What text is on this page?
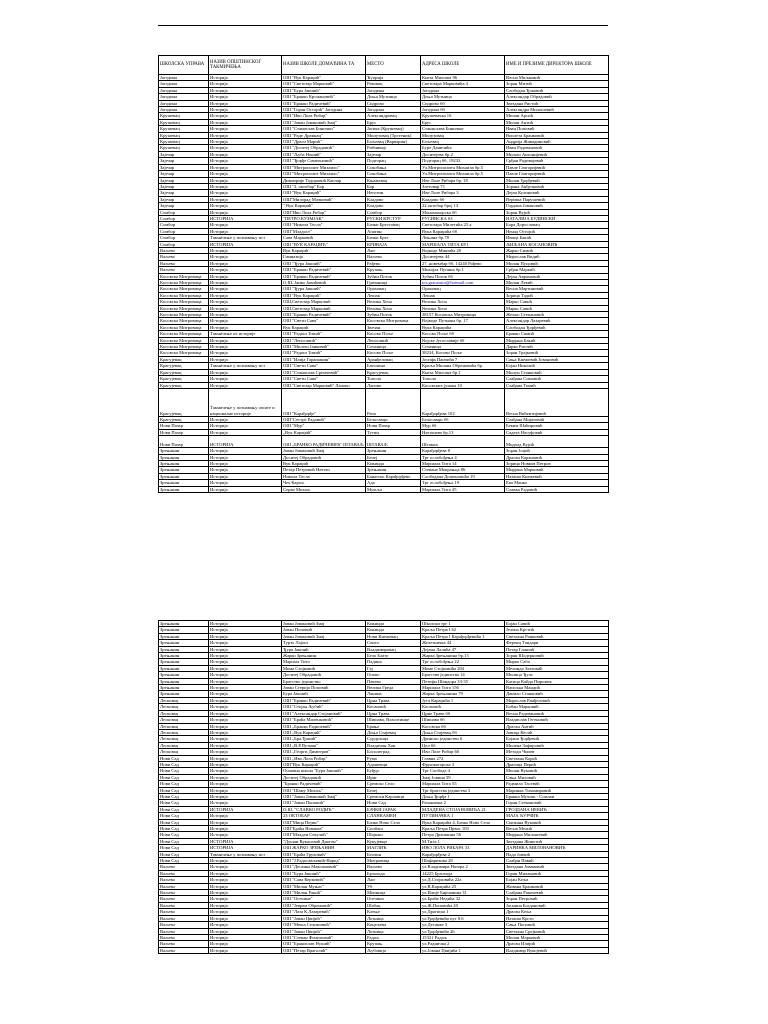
ШКОЛСКА УПРАВА	НАЗИВ ОПШТИНСКОГ ТАКМИЧЕЊА	НАЗИВ ШКОЛЕ ДОМАЋИНА ТА	МЕСТО	АДРЕСА ШКОЛЕ	ИМЕ И ПРЕЗИМЕ ДИРЕКТОРА ШКОЛЕ
Јагодина	Историја	ОШ "Вук Караџић"	Ћуприја	Кнеза Милоша 96	Весна Миљковић
Јагодина	Историја	ОШ "Светозар Марковић"	Рековац	Светозара Марковића 4	Зоран Митић
Јагодина	Историја	ОШ "Бура Јакшић"	Јагодина	Јагодина	Слободан Ђоковић
Јагодина	Историја	ОШ "Бранко Крсмановић"	Доња Мутница	Доња Мутница	Александар Обрадовић
Јагодина	Историја	ОШ "Бранко Радичевић"	Сидрово	Сидрово бб	Звездана Ристић
Јагодина	Историја	ОШ "Горан Остојић" Јагодина	Јагодина	Јагодина бб	Александра Милошевић
Крушевац	Историја	ОШ "Иво Лола Рибар"	Александровац	Крушевачка 16	Милан Арсић
Крушевац	Историја	ОШ "Јован Јовановић Змај"	Брус	Брус	Милан Антић
Крушевац	Историја	ОШ "Станислав Бинички"	Јасика (Крушевац)	Станислава Биничког	Иван Поповић
Крушевац	Историја	ОШ "Радe Драинац"	Милутовац (Трстеник)	Милутовац	Виолета Бранковић
Крушевац	Историја	ОШ "Драги Марић"	Бољевац (Варварин)	Бољевац	Андрија Живадиновић
Крушевац	Историја	ОШ "Доситеј Обрадовић"	Рибникар	Бурe Даничића	Иван Радовановић
Зајечар	Историја	ОШ "Љуба Нешић"	Зајечар	Доситејева бр.2	Милош Антонијевић
Зајечар	Историја	ОШ "Ђорђе Симеоновић"	Подгорац	Подгорац бб, 19233	Срђан Радивојевић
Зајечар	Историја	ОШ "Митрополит Михаило"	Сокобања	Ул.Митрополита Михаила бр.5	Павле Глигоријевић
Зајечар	Историја	ОШ "Митрополит Михаило"	Сокобања	Ул.Митрополита Михаила бр.5	Павле Глигоријевић
Зајечар	Историја	Димитрије Тодоровић Каплар	Књажевац	Иве Лоле Рибара бр. 18	Милан Ђорђевић
Зајечар	Историја	ОШ "3. октобар" Бор	Бор	Злетовар 71	Зоранa Анђелковић
Зајечар	Историја	ОШ "Вук Караџић"	Неготин	Иве Лоле Рибара 3	Дејан Кулиновић
Зајечар	Историја	ОШ"Милорад Мачковић"	Кладово	Кладово бб	Вериша Парушевић
Зајечар	Историја	" Вук Караџић"	Кладово	22.октобар број 13	Гордана Јовановић
Сомбор	Историја	ОШ"Иво Лола Рибар"	Сомбор	Мономахорска бб	Зоран Вујић
Сомбор	ИСТОРИЈА	"ПЕТРО КУЗМЈАК"	РУСКИ КРСТУР	РУСИНСКА 63	НАТАЛИЈА БУДИНСКИ
Сомбор	Историја	ОШ "Никола Тесла"	Бачки Брестовац	Светозара Милетића 25 а	Бора Дорословац
Сомбор	Историја	ОШ"Младост"	Апатин	Вука Караџића бб	Ненад Остојић
Сомбор	Такмичење у познавању ист	Сава Марковић	Бачки Брег	Лењина бр.78	Ивица Бакић
Сомбор	ИСТОРИЈА	ОШ "ВУК КАРАЏИЋ"	КРИВАЈА	МАРШАЛА ТИТА БР.1	ЉИЉАНА КОСАНОВИЋ
Ваљево	Историја	Вук Караџић	Љиг	Војводе Мишића 20	Жарко Симић
Ваљево	Историја	Гимназија	Ваљево	Доситејева 44	Мирослав Видић
Ваљево	Историја	ОШ "Ђура Јакшић"	Рађево	27. новембар бб, 14240 Рађево	Милан Пуцовић
Ваљево	Историја	ОШ "Бранко Радичевић"	Крупањ	Михајла Пупина бр.1	Срђан Маркић
Косовска Митровица	Историја	ОШ "Бранко Радичевић"	Зубин Поток	Зубин Поток бб	Дејан Аврамовић
Косовска Митровица	Историја	О.Ш. Јанко Јовићевић	Грачаница	ios.gracanica@hotmail.com	Милан Лекић
Косовска Митровица	Историја	ОШ "Ђура Јакшић"	Ораховац	Ораховац	Весна Мартиновић
Косовска Митровица	Историја	ОШ "Вук Караџић"	Лешак	Лешак	Зорица Тадић
Косовска Митровица	Историја	ОШ,Светозар Марковић	Велика Хоча	Велика Хоча	Марко Савић
Косовска Митровица	Историја	ОШ,Светозар Марковић	Велика Хоча	Велика Хоча	Марко Савић
Косовска Митровица	Историја	ОШ "Бранко Радичевић"	Зубин Поток	38157 Косовска Митровица	Жељко Степановић
Косовска Митровица	Историја	ОШ "Свети Сава"	Косовска Митровица	Војводе Путника бр. 17	Александар Лазаревић
Косовска Митровица	Историја	Вук Караџић	Звечан	Вука Караџића	Слободан Ђорђевић
Косовска Митровица	Такмичење из историје	ОШ "Радош Томић"	Косово Поље	Косово Поље бб	Бранко Симић
Косовска Митровица	Историја	ОШ "Лепосавић"	Лепосавић	Војске Југославије бб	Мирјана Бакић
Косовска Митровица	Историја	ОШ "Милош Јанковић"	Сочаница	Сочаница	Дарко Ристић
Косовска Митровица	Историја	ОШ "Радош Томић"	Косово Поље	38234, Косово Поље	Зоран Трајковић
Крагујевац	Историја	ОШ "Илија Гарашанин"	Аранђеловац	Јосифа Панчића 7	Сања Кнежевић Јовановић
Крагујевац	Такмичење у познавању ист	ОШ "Свети Сава"	Баточина	Краља Милана Обреновића бр.	Бојан Николић
Крагујевац	Историја	ОШ "Станислав Сремчевић"	Крагујевац	Кнеза Милоша бр.1	Милун Станковић
Крагујевац	Историја	ОШ "Свети Сава"	Топола	Топола	Слађана Симовић
Крагујевац	Историја	ОШ "Светозар Марковић" Лапово	Лапово	Косовских јунака 10	Слађана Томић
Крагујевац	Такмичење у познавању опште и националне историје	ОШ "Карађорђе"	Рача	Карађорђева 102	Весна Вићентијевић
Крагујевац	Историја	ОШ"Сестре Радовић"	Белосавци	Белосавци бб	Слађана Мијатовић
Нови Пазар	Историја	ОШ "Мур"	Нови Пазар	Мур бб	Беким Шаћировић
Нови Пазар	Историја	„Вук Караџић"	Тутин	Његошева бр.13	Садета Насуфовић
Нови Пазар	ИСТОРИЈА	ОШ „БРАНКО РАДИЧЕВИЋ" ШТАВАЉ	ШТАВАЉ	Штаваљ	Мидхад Вујић
Зрењанин	Историја	Јован Јовановић Змај	Зрењанин	Карађорђева 8	Зоран Јоцић
Зрењанин	Историја	Доситеј Обрадовић	Бечеј	Трг ослобођења 4	Драган Карановић
Зрењанин	Историја	Вук Караџић	Кикинда	Маршала Тита 14	Зорица Новков Петров
Зрењанин	Историја	Петар Петровић Његош	Зрењанин	Стевана Мокрањца 86	Мирјана Марковић
Зрењанин	Историја	Никола Тесла	Банатско Карађорђево	Слободана Дошеновића 19	Наташа Кнежевић
Зрењанин	Историја	Чех Карољ	Ада	Трг ослобођења 19	Ева Манко
Зрењанин	Историја	Серво Михаљ	Мужља	Маршала Тита 45	Славка Радовић
Зрењанин	Историја	Јован Јовановић Змај	Кикинда	Школски трг 1	Бојан Савић
Зрењанин	Историја	Јован Поповић	Кикинда	Краља Петра I 62	Јелена Крстић
Зрењанин	Историја	Јован Јовановић Змај	Нови Кнежевац	Краља Петра I Карађорђевића 1	Светлана Ранковић
Зрењанин	Историја	Турзо Лајош	Сента	Железничка 44	Ференц Тандари
Зрењанин	Историја	Ђура Јакшић	Владимировац	Дејана Лалића 47	Петар Глишић
Зрењанин	Историја	Жарко Зрењанин	Бело Блато	Жарка Зрењанина бр.13	Зоран Шодерновић
Зрењанин	Историја	Маршал Тито	Падина	Трг ослобођења 22	Мирко Сабо
Зрењанин	Историја	Мома Стојковић	Гај	Моме Стојковића 204	Мелинда Златовић
Зрењанин	Историја	Доситеј Обрадовић	Опово	Братства јединства 14	Милица Ђуза
Зрењанин	Историја	Братство јединство	Пачево	Петефи Шандора 33-35	Катица Кайда Пирожек
Зрењанин	Историја	Јован Стерија Поповић	Велика Греда	Маршала Тита 156	Васиљка Мандић
Зрењанин	Историја	Бура Јакшић	Ланина	Жарка Зрењанина 79	Данило Станковић
Лесковац	Историја	ОШ "Бранко Радичевић"	Црна Трава	Југа Караџића 1	Мирослав Ранђеловић
Лесковац	Историја	ОШ "Стојан Љубић"	Косанчић	Косанчић	Бобан Марковић
Лесковац	Историја	ОШ "Александар Стојановић"	Црна Трава	Црне Траве бб	Весна Радовановић
Лесковац	Историја	ОШ "Браћа Миленковић"	Шишава, Власотинце	Шишава бб	Владислав Гегеновић
Лесковац	Историја	ОШ „Бранко Радичевић"	Брање	Косовска бб	Драган Антић
Лесковац	Историја	ОШ „Вук Караџић"	Доња Стајевац	Доња Стајевац бб	Јовица Кесић
Лесковац	Историја	ОШ „Бра.Ђонић"	Сурдулица	Дринско јединство 6	Бојана Ђорђевић
Лесковац	Историја	ОШ „В.Р.Путник"	Владичин Хан	Цел бб	Милена Зафировић
Лесковац	Историја	ОШ „Георги Димитров"	Босилеград	Иво Лоле Рибар 60	Методи Чипев
Нови Сад	Историја	ОШ „Иво Лола Рибар"	Рума	Главна 272	Светлана Кораћ
Нови Сад	Историја	ОШ"Вук Караџић"	Адашевци	Фрушкогорска 3	Драгица Перић
Нови Сад	Историја	Основна школа "Бура Јакшић"	Буђур	Трг Слободе 4	Милан Вуковић
Нови Сад	Историја	Доситеј Обрадовић	Ириг	Змај Јовина 59	Сања Миловић
Нови Сад	Историја	"Бранко Радичевић"	Сремско Село	Маршала Тита 55	Радмила Тасевић
Нови Сад	Историја	ОШ "Шаму Михаљ"	Бечеј	Трг братства јединства 3	Маринка Тихомировић
Нови Сад	Историја	ОШ "Јован Јовановић Змај"	Сремски Карловци	Доња Ђорђа 1	Бранка Мучиш - Сомлаи
Нови Сад	Историја	ОШ "Јован Поповић"	Нови Сад	Рапаничка 2	Горан Стевановић
Нови Сад	ИСТОРИЈА	О.Ш. "СЛАВКО РОДИЋ"	БАЧКИ ЈАРАК	МЛАДЕНА СТОЈАНОВИЋА 21	ГРОЗДАНА НЕКИЋ
Нови Сад	Историја	23 ОКТОБАР	СЛАНКАМЕН	ПУТИНАЧКА 1	МАЈА ЋУРЧИЋ
Нови Сад	Историја	ОШ"Мица Пејин"	Бачко Ново Село	Вука Караџића 4, Бачко Ново Село	Снежана Вуковић
Нови Сад	Историја	ОШ"Браћа Новаков"	Силбаш	Краља Петра Првог 103	Весна Мелић
Нови Сад	Историја	ОШ"Младен Секулић"	Шајкаш	Петра Драпшина 56	Мирјана Милошевић
Нови Сад	ИСТОРИЈА	"Душан Вукасовић Диоген"	Кукујевци	М.Тита 1	Звездана Животић
Нови Сад	ИСТОРИЈА	ОШ ЖАРКО ЗРЕЊАНИН	МАГЛИЋ	ИВО ЛОЛА РИБАРА 33	ДАРИНКА МИЛОВАНОВИЋ
Нови Сад	Такмичење у познавању ист	ОШ "Браћа Груловић"	Беочин	Карађорђева 2	Нада Јовчић
Нови Сад	Историја	ОШ "Ј.Радосављевић-Народ"	Митровица	Шафариковa 29	Слађан Павић
Ваљево	Историја	ОШ "Десанка Максимовић"	Ваљево	ул.Владимира Назора 2	Звездана Јовановић
Ваљево	Историја	ОШ "Бура Јакшић"	Брзохода	14225 Брзохода	Горан Милановић
Ваљево	Историја	ОШ "Сава Керковић"	Љиг	ул.Д.Стојковића 22a	Бојан Кеља
Ваљево	Историја	ОШ "Милан Муњас"	Уб	ул.В.Караџића 25	Живана Бранковић
Ваљево	Историја	ОШ "Милан Ракић"	Мионица	ул.Илије Бирчанина 31	Слађана Ракочевић
Ваљево	Историја	ОШ "Осечина"	Осечина	ул.Браће Недића 32	Зоран Петровић
Ваљево	Историја	ОШ "Јеврем Обреновић"	Шабац	ул.Ж.Поповића 20	Јасмина Богдановић
Ваљево	Историја	ОШ "Лаза К.Лазаревић"	Клење	ул.Драгиша 1	Драган Кеља
Ваљево	Историја	ОШ "Јован Цвијић"	Лозница	ул.Ђорђевића пут 8.6	Наташа Крсто
Ваљево	Историја	ОШ "Меша Селимовић"	Коцељева	ул.Десанке 3	Сања Поповић
Ваљево	Историја	ОШ "Јован Цвијић"	Лозница	ул.Ђорђевића 26	Светлана Срејковић
Ваљево	Историја	ОШ "Стеван Филиповић"	Радаљ	15321 Радаљ	Милан Марковић
Ваљево	Историја	ОШ "Бранислав Нушић"	Крупањ	ул.Радничка 2	Драган Илијић
Ваљево	Историја	ОШ "Петар Враголић"	Љубовија	ул.Јована Цвијића 1	Владимир Вукојевић
